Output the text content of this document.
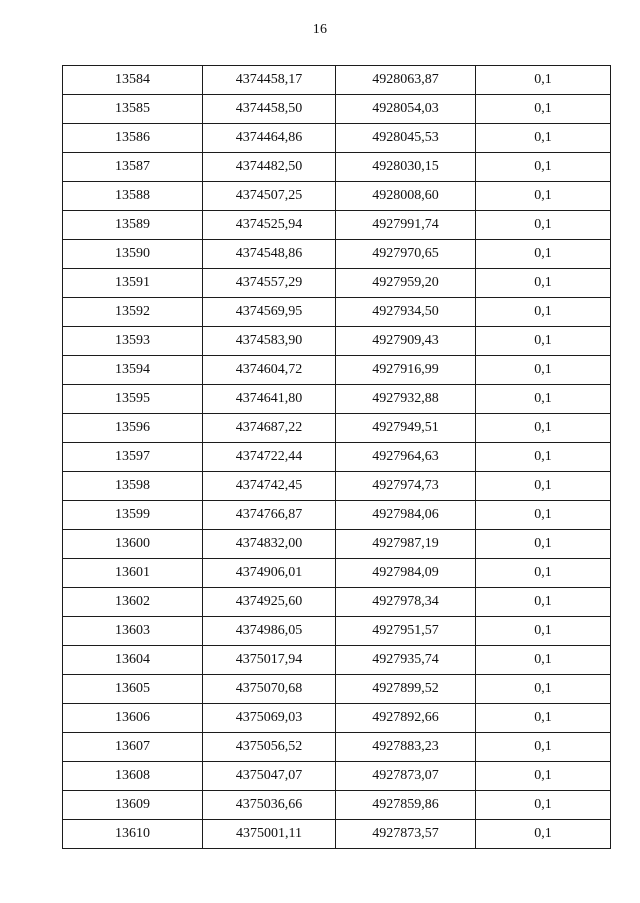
16
13584	4374458,17	4928063,87	0,1
13585	4374458,50	4928054,03	0,1
13586	4374464,86	4928045,53	0,1
13587	4374482,50	4928030,15	0,1
13588	4374507,25	4928008,60	0,1
13589	4374525,94	4927991,74	0,1
13590	4374548,86	4927970,65	0,1
13591	4374557,29	4927959,20	0,1
13592	4374569,95	4927934,50	0,1
13593	4374583,90	4927909,43	0,1
13594	4374604,72	4927916,99	0,1
13595	4374641,80	4927932,88	0,1
13596	4374687,22	4927949,51	0,1
13597	4374722,44	4927964,63	0,1
13598	4374742,45	4927974,73	0,1
13599	4374766,87	4927984,06	0,1
13600	4374832,00	4927987,19	0,1
13601	4374906,01	4927984,09	0,1
13602	4374925,60	4927978,34	0,1
13603	4374986,05	4927951,57	0,1
13604	4375017,94	4927935,74	0,1
13605	4375070,68	4927899,52	0,1
13606	4375069,03	4927892,66	0,1
13607	4375056,52	4927883,23	0,1
13608	4375047,07	4927873,07	0,1
13609	4375036,66	4927859,86	0,1
13610	4375001,11	4927873,57	0,1
